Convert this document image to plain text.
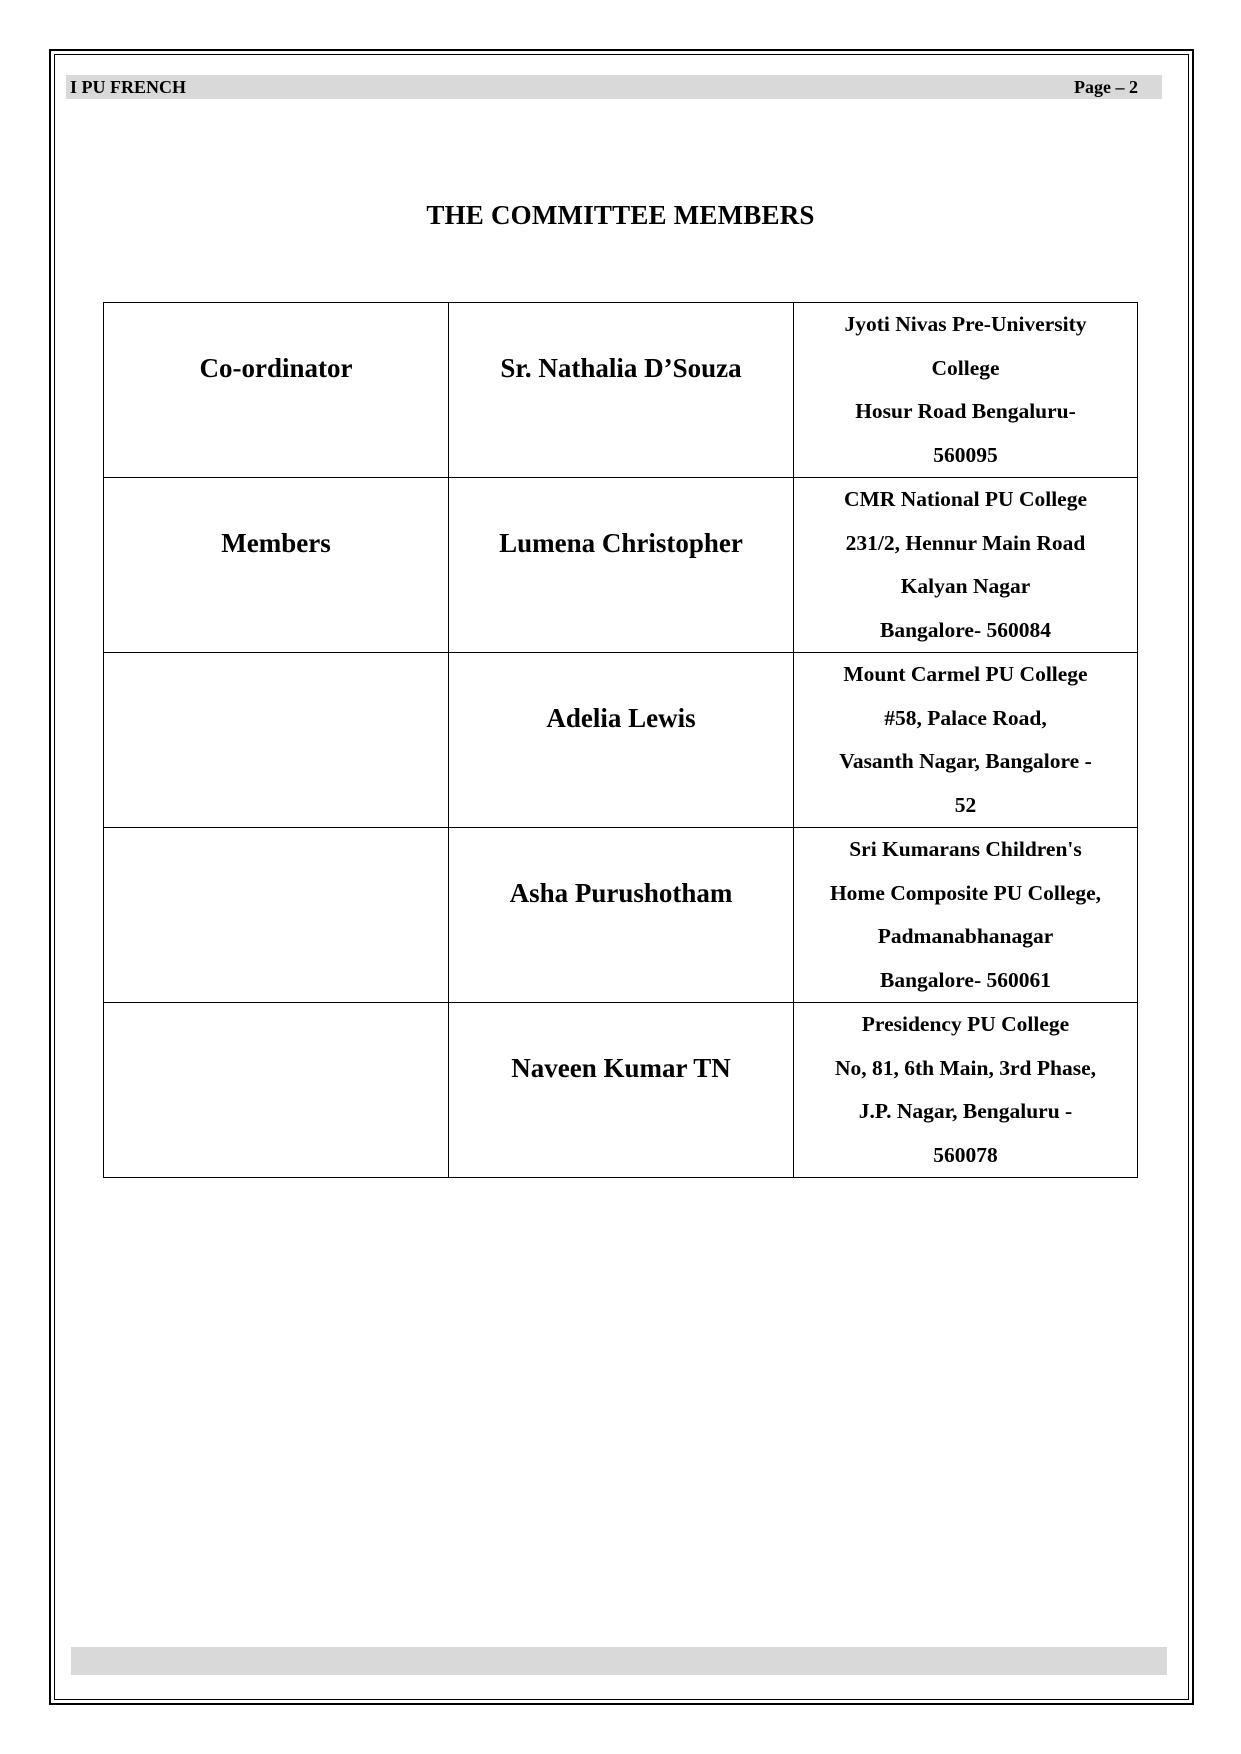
I PU FRENCH	Page – 2
THE COMMITTEE MEMBERS
Co-ordinator	Sr. Nathalia D’Souza	Jyoti Nivas Pre-University
College
Hosur Road Bengaluru-
560095

Members	Lumena Christopher	CMR National PU College
231/2, Hennur Main Road
Kalyan Nagar
Bangalore- 560084

	Adelia Lewis	Mount Carmel PU College
#58, Palace Road,
Vasanth Nagar, Bangalore -
52

	Asha Purushotham	Sri Kumarans Children's
Home Composite PU College,
Padmanabhanagar
Bangalore- 560061

	Naveen Kumar TN	Presidency PU College
No, 81, 6th Main, 3rd Phase,
J.P. Nagar, Bengaluru -
560078
